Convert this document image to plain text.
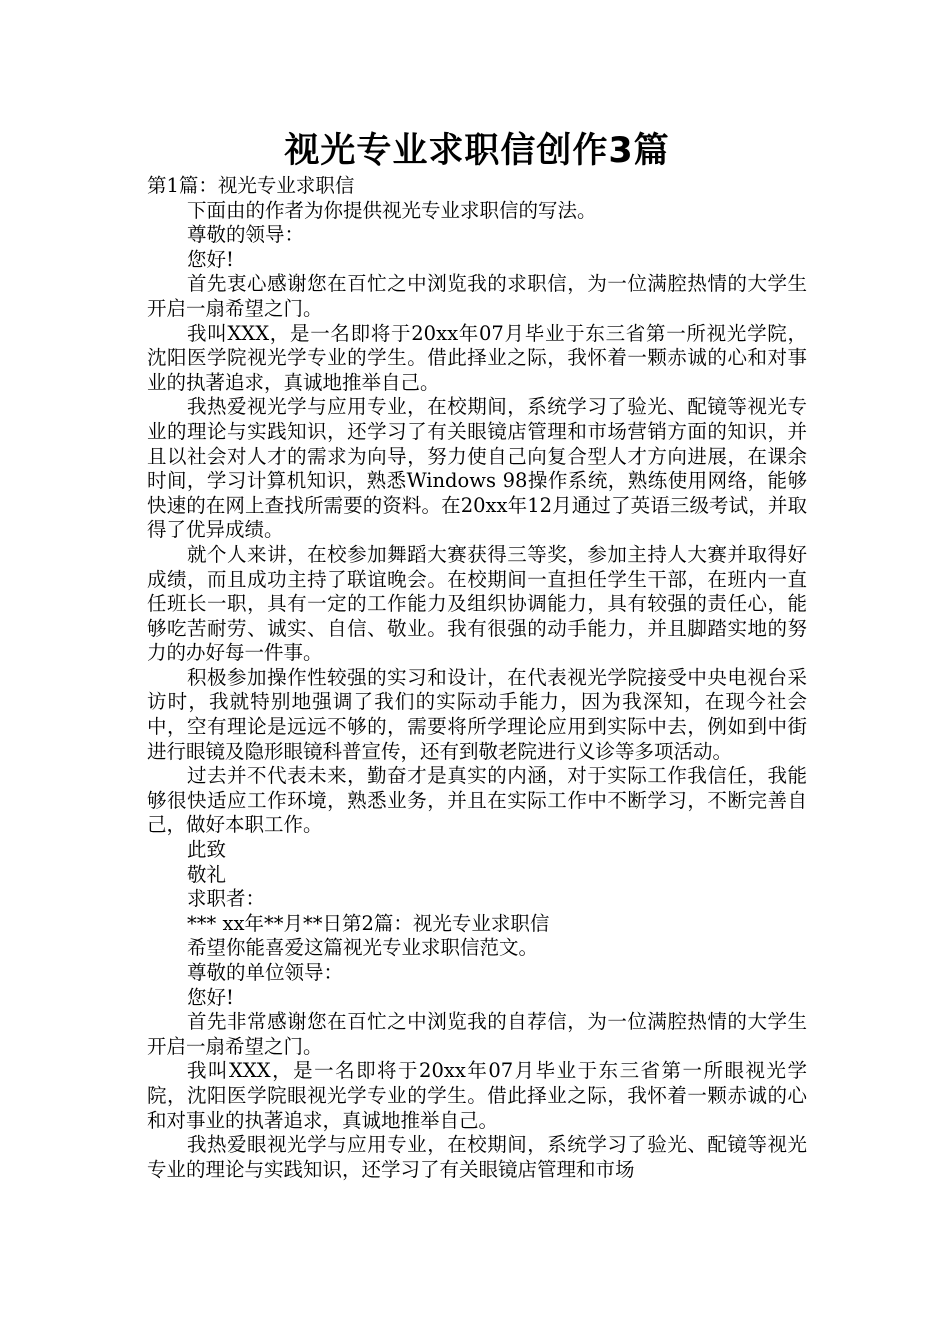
视光专业求职信创作3篇

第1篇：视光专业求职信

下面由的作者为你提供视光专业求职信的写法。

尊敬的领导：

您好!

首先衷心感谢您在百忙之中浏览我的求职信，为一位满腔热情的大学生开启一扇希望之门。

我叫XXX，是一名即将于20xx年07月毕业于东三省第一所视光学院，沈阳医学院视光学专业的学生。借此择业之际，我怀着一颗赤诚的心和对事业的执著追求，真诚地推举自己。

我热爱视光学与应用专业，在校期间，系统学习了验光、配镜等视光专业的理论与实践知识，还学习了有关眼镜店管理和市场营销方面的知识，并且以社会对人才的需求为向导，努力使自己向复合型人才方向进展，在课余时间，学习计算机知识，熟悉Windows 98操作系统，熟练使用网络，能够快速的在网上查找所需要的资料。在20xx年12月通过了英语三级考试，并取得了优异成绩。

就个人来讲，在校参加舞蹈大赛获得三等奖，参加主持人大赛并取得好成绩，而且成功主持了联谊晚会。在校期间一直担任学生干部，在班内一直任班长一职，具有一定的工作能力及组织协调能力，具有较强的责任心，能够吃苦耐劳、诚实、自信、敬业。我有很强的动手能力，并且脚踏实地的努力的办好每一件事。

积极参加操作性较强的实习和设计，在代表视光学院接受中央电视台采访时，我就特别地强调了我们的实际动手能力，因为我深知，在现今社会中，空有理论是远远不够的，需要将所学理论应用到实际中去，例如到中街进行眼镜及隐形眼镜科普宣传，还有到敬老院进行义诊等多项活动。

过去并不代表未来，勤奋才是真实的内涵，对于实际工作我信任，我能够很快适应工作环境，熟悉业务，并且在实际工作中不断学习，不断完善自己，做好本职工作。

此致

敬礼

求职者：

*** xx年**月**日第2篇：视光专业求职信

希望你能喜爱这篇视光专业求职信范文。

尊敬的单位领导：

您好!

首先非常感谢您在百忙之中浏览我的自荐信，为一位满腔热情的大学生开启一扇希望之门。

我叫XXX，是一名即将于20xx年07月毕业于东三省第一所眼视光学院，沈阳医学院眼视光学专业的学生。借此择业之际，我怀着一颗赤诚的心和对事业的执著追求，真诚地推举自己。

我热爱眼视光学与应用专业，在校期间，系统学习了验光、配镜等视光专业的理论与实践知识，还学习了有关眼镜店管理和市场
